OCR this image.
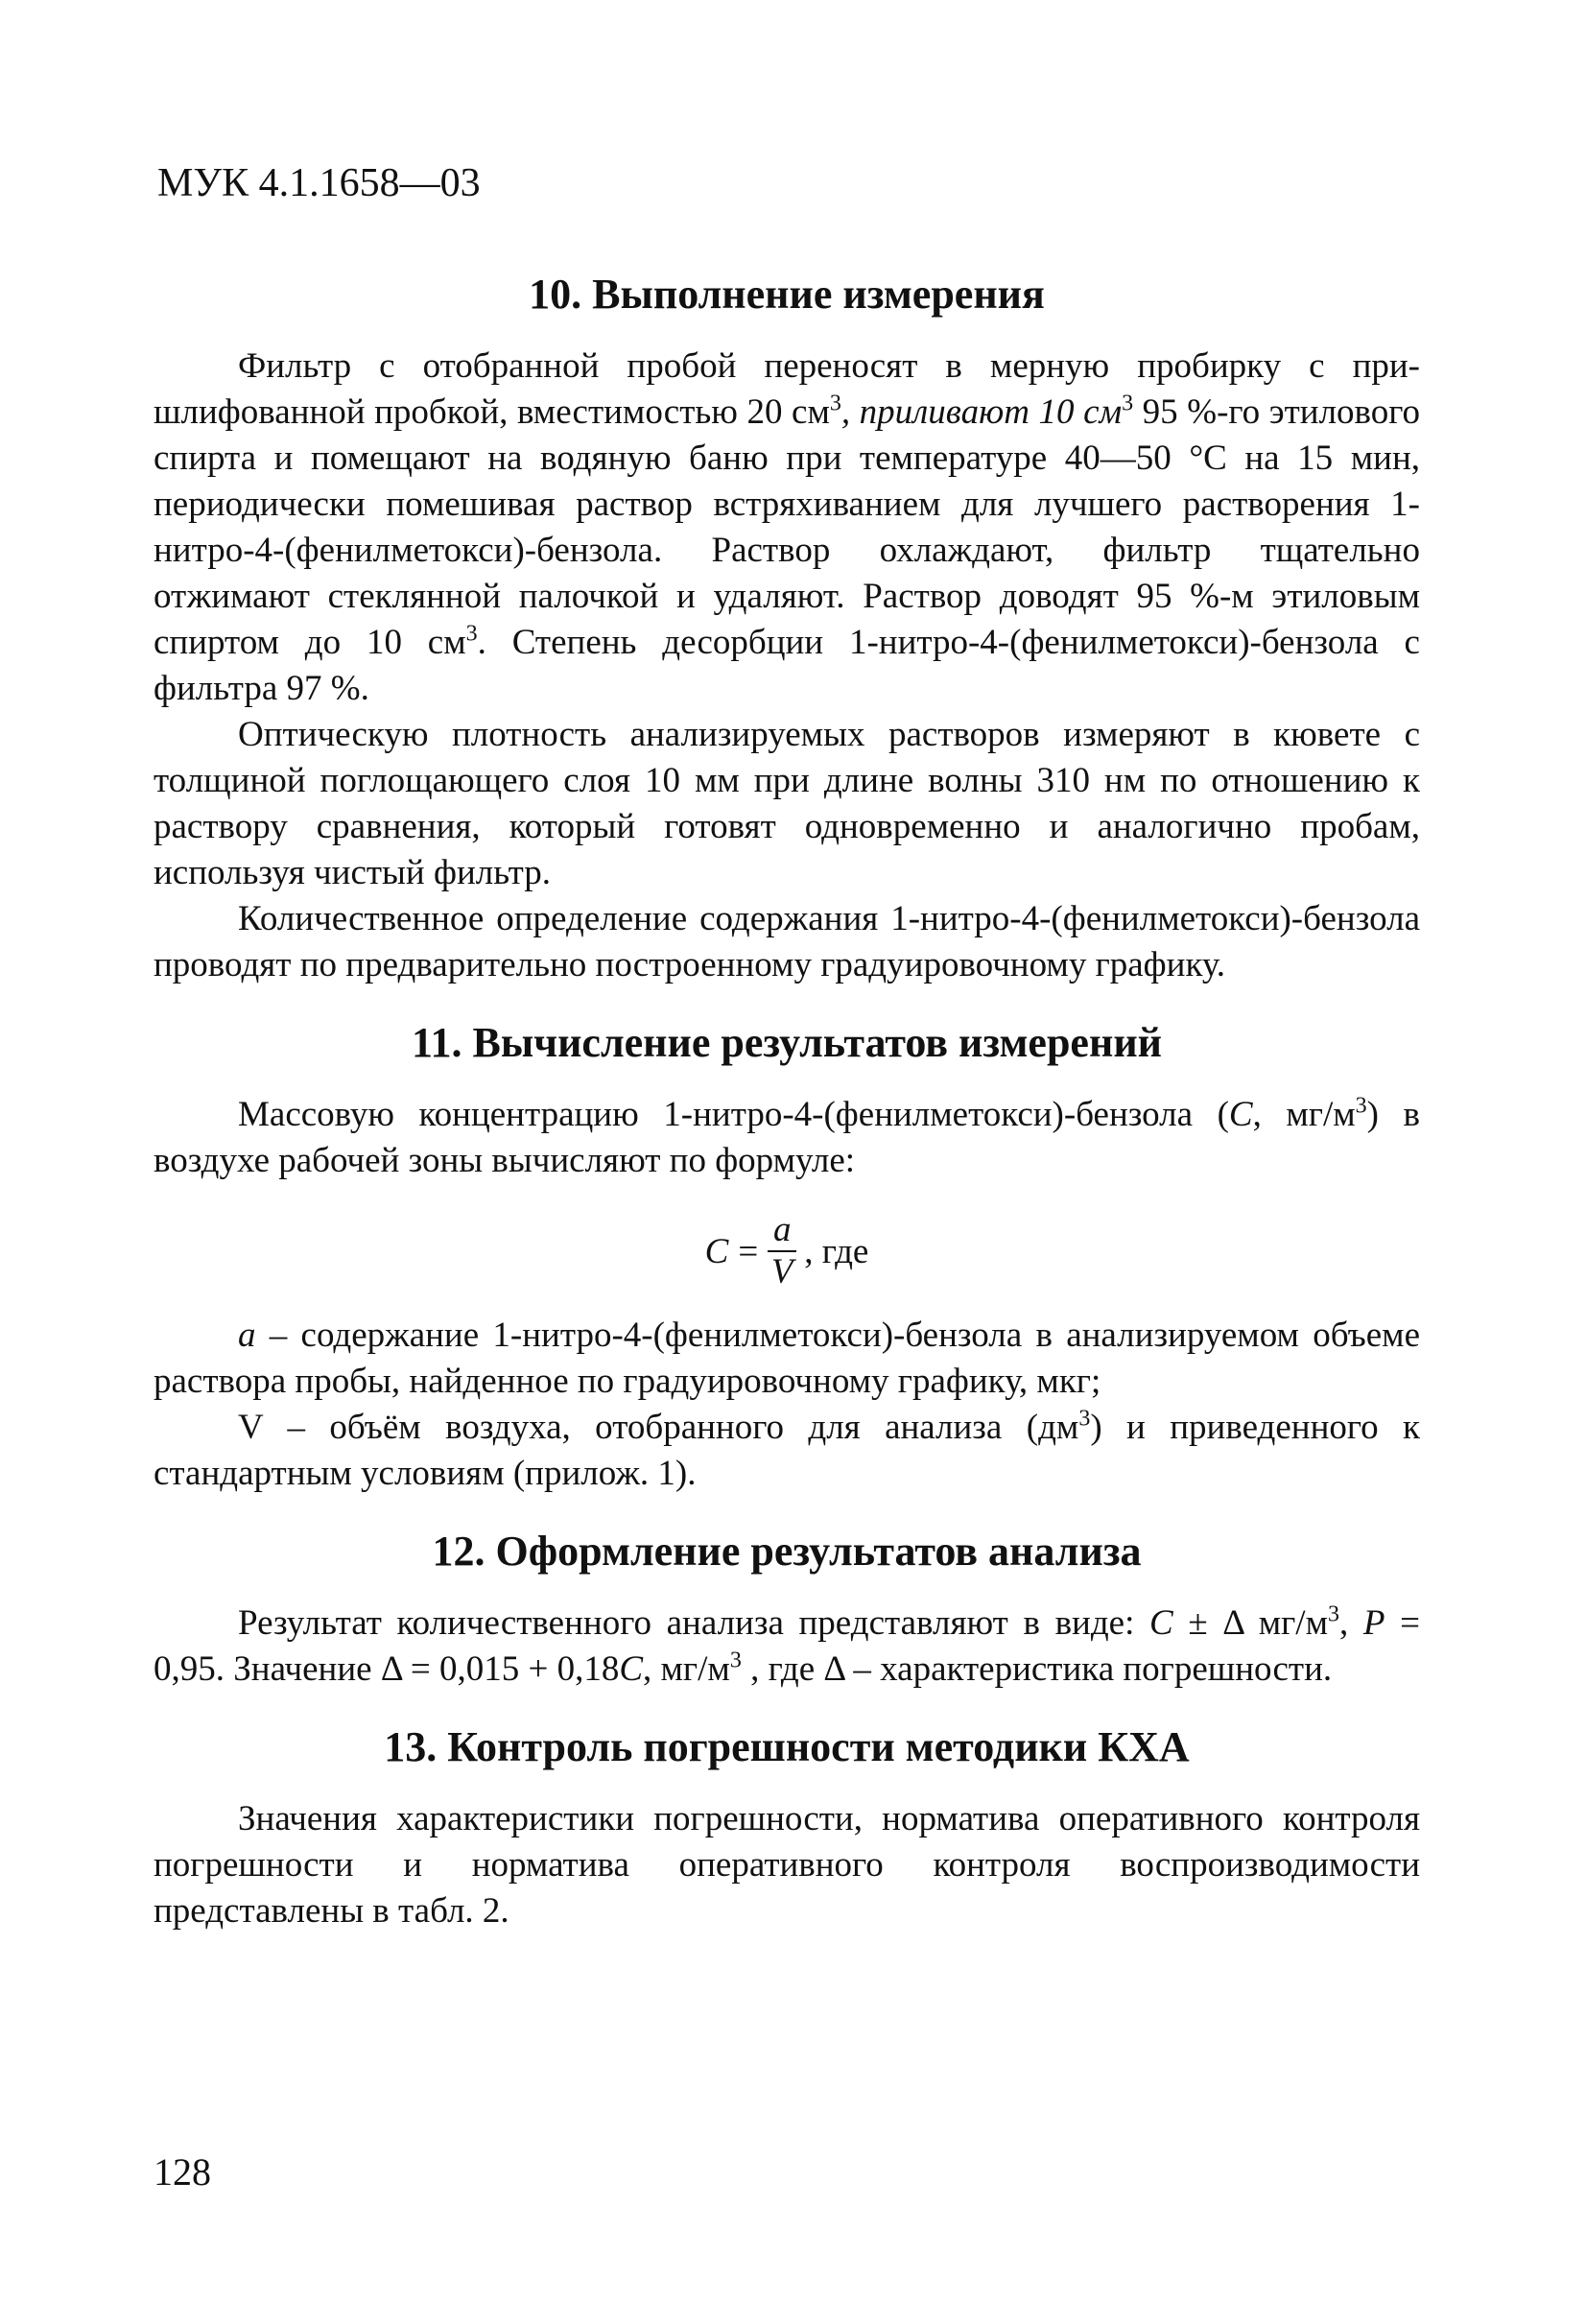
МУК 4.1.1658—03
10. Выполнение измерения

Фильтр с отобранной пробой переносят в мерную пробирку с при-шлифованной пробкой, вместимостью 20 $см^3$, приливают 10 $см^3$ 95 %-го этилового спирта и помещают на водяную баню при температуре 40—50 °С на 15 мин, периодически помешивая раствор встряхиванием для лучшего растворения 1-нитро-4-(фенилметокси)-бензола. Раствор охлаждают, фильтр тщательно отжимают стеклянной палочкой и удаляют. Раствор доводят 95 %-м этиловым спиртом до 10 $см^3$. Степень десорбции 1-нитро-4-(фенилметокси)-бензола с фильтра 97 %.

Оптическую плотность анализируемых растворов измеряют в кювете с толщиной поглощающего слоя 10 мм при длине волны 310 нм по отношению к раствору сравнения, который готовят одновременно и аналогично пробам, используя чистый фильтр.

Количественное определение содержания 1-нитро-4-(фенилметокси)-бензола проводят по предварительно построенному градуировочному графику.

11. Вычисление результатов измерений

Массовую концентрацию 1-нитро-4-(фенилметокси)-бензола (С, $мг/м^3$) в воздухе рабочей зоны вычисляют по формуле:

$С = \frac{a}{V}$ , где

а – содержание 1-нитро-4-(фенилметокси)-бензола в анализируемом объеме раствора пробы, найденное по градуировочному графику, мкг;

V – объём воздуха, отобранного для анализа $(дм^3)$ и приведенного к стандартным условиям (прилож. 1).

12. Оформление результатов анализа

Результат количественного анализа представляют в виде: С ± Δ $мг/м^3$, Р = 0,95. Значение Δ = 0,015 + 0,18С, $мг/м^3$ , где Δ – характеристика погрешности.

13. Контроль погрешности методики КХА

Значения характеристики погрешности, норматива оперативного контроля погрешности и норматива оперативного контроля воспроизводимости представлены в табл. 2.

128
